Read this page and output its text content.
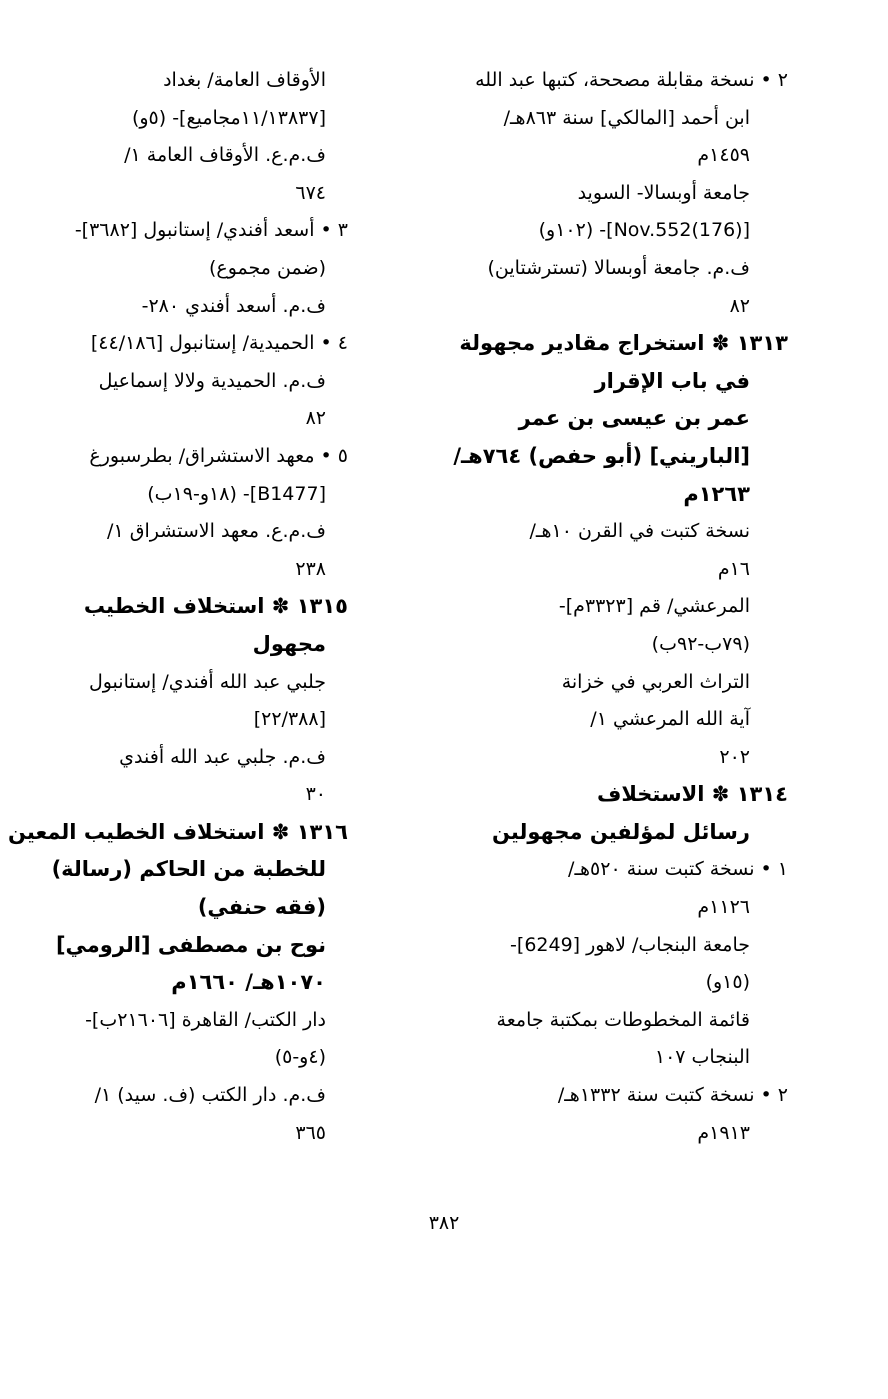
٢ • نسخة مقابلة مصححة، كتبها عبد الله
ابن أحمد [المالكي] سنة ٨٦٣هـ/
١٤٥٩م
جامعة أوبسالا- السويد
[Nov.552(176)]- (١٠٢و)
ف.م. جامعة أوبسالا (تسترشتاين)
٨٢
١٣١٣ ✽ استخراج مقادير مجهولة
في باب الإقرار
عمر بن عيسى بن عمر
[الباريني] (أبو حفص) ٧٦٤هـ/
١٢٦٣م
نسخة كتبت في القرن ١٠هـ/
١٦م
المرعشي/ قم [٣٣٢٣م]-
(٧٩ب-٩٢ب)
التراث العربي في خزانة
آية الله المرعشي ١/
٢٠٢
١٣١٤ ✽ الاستخلاف
رسائل لمؤلفين مجهولين
١ • نسخة كتبت سنة ٥٢٠هـ/
١١٢٦م
جامعة البنجاب/ لاهور [6249]-
(١٥و)
قائمة المخطوطات بمكتبة جامعة
البنجاب ١٠٧
٢ • نسخة كتبت سنة ١٣٣٢هـ/
١٩١٣م
الأوقاف العامة/ بغداد
[١١/١٣٨٣٧مجاميع]- (٥و)
ف.م.ع. الأوقاف العامة ١/
٦٧٤
٣ • أسعد أفندي/ إستانبول [٣٦٨٢]-
(ضمن مجموع)
ف.م. أسعد أفندي ٢٨٠-
٤ • الحميدية/ إستانبول [٤٤/١٨٦]
ف.م. الحميدية ولالا إسماعيل
٨٢
٥ • معهد الاستشراق/ بطرسبورغ
[B1477]- (١٨و-١٩ب)
ف.م.ع. معهد الاستشراق ١/
٢٣٨
١٣١٥ ✽ استخلاف الخطيب
مجهول
جلبي عبد الله أفندي/ إستانبول
[٢٢/٣٨٨]
ف.م. جلبي عبد الله أفندي
٣٠
١٣١٦ ✽ استخلاف الخطيب المعين
للخطبة من الحاكم (رسالة)
(فقه حنفي)
نوح بن مصطفى [الرومي]
١٠٧٠هـ/ ١٦٦٠م
دار الكتب/ القاهرة [٢١٦٠٦ب]-
(٤و-٥)
ف.م. دار الكتب (ف. سيد) ١/
٣٦٥
٣٨٢
